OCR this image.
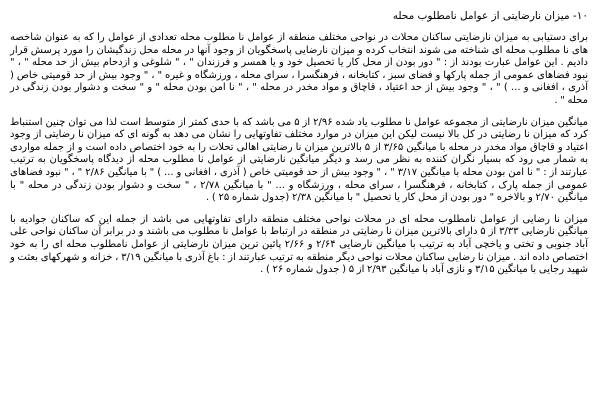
۱۰- میزان نارضایتی از عوامل نامطلوب محله

برای دستیابی به میزان نارضایتی ساکنان محلات در نواحی مختلف منطقه از عوامل نا مطلوب محله تعدادی از عوامل را که به عنوان شاخصه های نا مطلوب محله ای شناخته می شوند انتخاب کرده و میزان نارضایی پاسخگویان از وجود آنها در محله محل زندگیشان را مورد پرسش قرار دادیم . این عوامل عبارت بودند از : " دور بودن از محل کار یا تحصیل خود و یا همسر و فرزندان " ، " شلوغی و ازدحام بیش از حد محله " ، " نبود فضاهای عمومی از جمله پارکها و فضای سبز ، کتابخانه ، فرهنگسرا ، سرای محله ، ورزشگاه و غیره " ، " وجود بیش از حد قومیتی خاص ( آذری ، افغانی و ... ) " ، " وجود بیش از حد اعتیاد ، قاچاق و مواد مخدر در محله " ، " نا امن بودن محله " و " سخت و دشوار بودن زندگی در محله " .

میانگین میزان نارضایتی از مجموعه عوامل نا مطلوب یاد شده ۲/۹۶ از ۵ می باشد که با حدی کمتر از متوسط است لذا می توان چنین استنباط کرد که میزان نا رضایتی در کل بالا نیست لیکن این میزان در موارد مختلف تفاوتهایی را نشان می دهد به گونه ای که میزان نا رضایتی از وجود اعتیاد و قاچاق مواد مخدر در محله با میانگین ۳/۶۵ از ۵ بالاترین میزان نا رضایتی اهالی تحلات را به خود اختصاص داده است و از جمله مواردی به شمار می رود که بسیار نگران کننده به نظر می رسد و دیگر میانگین نارضایتی از عوامل نا مطلوب محله از دیدگاه پاسخگویان به ترتیب عبارتند از : " نا امن بودن محله با میانگین ۳/۱۷ " ، " وجود بیش از حد قومیتی خاص ( آذری ، افغانی و ... ) " با میانگین ۲/۸۶ " ، " نبود فضاهای عمومی از جمله پارک ، کتابخانه ، فرهنگسرا ، سرای محله ، ورزشگاه و ... " با میانگین ۲/۷۸ ، " سخت و دشوار بودن زندگی در محله " با میانگین ۲/۷۰ و بالاخره " دور بودن از محل کار یا تحصیل " با میانگین ۲/۳۸ (جدول شماره ۲۵ ) .

میزان نا رضایی از عوامل نامطلوب محله ای در محلات نواحی مختلف منطقه دارای تفاوتهایی می باشد از جمله این که ساکنان جوادیه با میانگین نارضایی ۳/۳۳ از ۵ دارای بالاترین میزان نا رضایتی در منطقه در ارتباط با عوامل نا مطلوب می باشند و در برابر آن ساکنان نواحی علی آباد جنوبی و تختی و یاخچی آباد به ترتیب با میانگین نارضایی ۲/۶۴ و ۲/۶۶ پائین ترین میزان نارضایتی از عوامل نامطلوب محله ای را به خود اختصاص داده اند . میزان نا رضایی ساکنان محلات نواحی دیگر منطقه به ترتیب عبارتند از : باغ آذری با میانگین ۳/۱۹ ، خزانه و شهرکهای بعثت و شهید رجایی با میانگین ۳/۱۵ و نازی آباد با میانگین ۲/۹۳ از ۵ ( جدول شماره ۲۶ ) .
